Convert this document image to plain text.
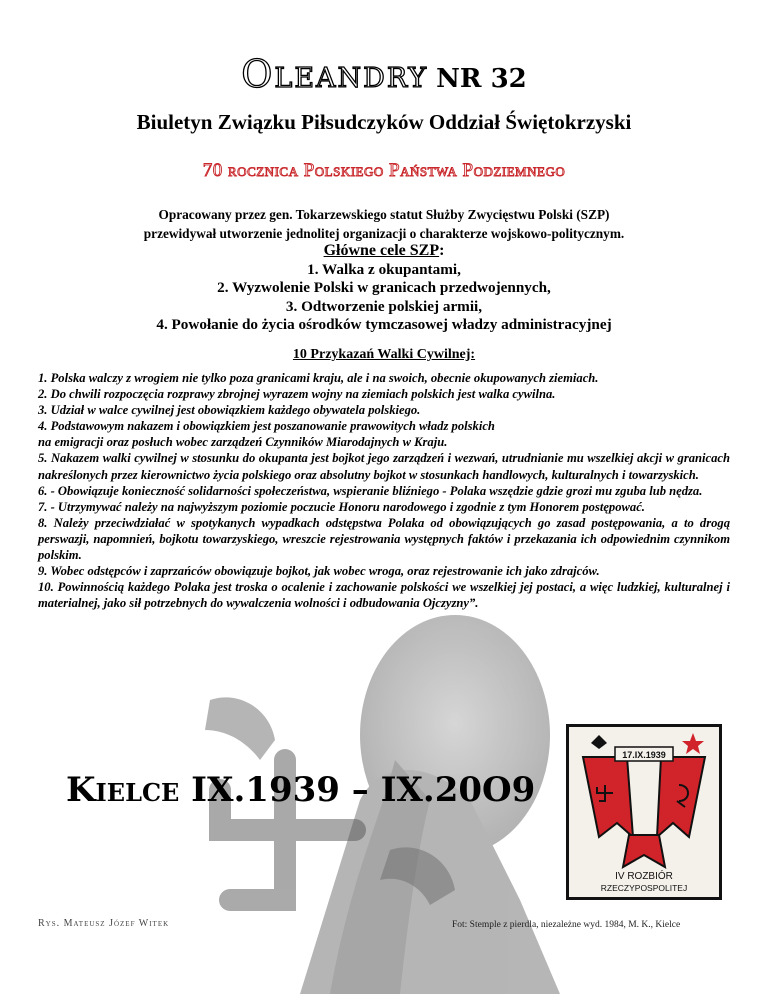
Oleandry NR 32
Biuletyn Związku Piłsudczyków Oddział Świętokrzyski
70 rocznica Polskiego Państwa Podziemnego
Opracowany przez gen. Tokarzewskiego statut Służby Zwycięstwu Polski (SZP)
przewidywał utworzenie jednolitej organizacji o charakterze wojskowo-politycznym.
Główne cele SZP:
1. Walka z okupantami,
2. Wyzwolenie Polski w granicach przedwojennych,
3. Odtworzenie polskiej armii,
4. Powołanie do życia ośrodków tymczasowej władzy administracyjnej
10 Przykazań Walki Cywilnej:

1. Polska walczy z wrogiem nie tylko poza granicami kraju, ale i na swoich, obecnie okupowanych ziemiach.

2. Do chwili rozpoczęcia rozprawy zbrojnej wyrazem wojny na ziemiach polskich jest walka cywilna.

3. Udział w walce cywilnej jest obowiązkiem każdego obywatela polskiego.

4. Podstawowym nakazem i obowiązkiem jest poszanowanie prawowitych władz polskich

na emigracji oraz posłuch wobec zarządzeń Czynników Miarodajnych w Kraju.

5. Nakazem walki cywilnej w stosunku do okupanta jest bojkot jego zarządzeń i wezwań, utrudnianie mu wszelkiej akcji w granicach nakreślonych przez kierownictwo życia polskiego oraz absolutny bojkot w stosunkach handlowych, kulturalnych i towarzyskich.

6. - Obowiązuje konieczność solidarności społeczeństwa, wspieranie bliźniego - Polaka wszędzie gdzie grozi mu zguba lub nędza.

7. - Utrzymywać należy na najwyższym poziomie poczucie Honoru narodowego i zgodnie z tym Honorem postępować.

8. Należy przeciwdziałać w spotykanych wypadkach odstępstwa Polaka od obowiązujących go zasad postępowania, a to drogą perswazji, napomnień, bojkotu towarzyskiego, wreszcie rejestrowania występnych faktów i przekazania ich odpowiednim czynnikom polskim.

9. Wobec odstępców i zaprzańców obowiązuje bojkot, jak wobec wroga, oraz rejestrowanie ich jako zdrajców.

10. Powinnością każdego Polaka jest troska o ocalenie i zachowanie polskości we wszelkiej jej postaci, a więc ludzkiej, kulturalnej i materialnej, jako sił potrzebnych do wywalczenia wolności i odbudowania Ojczyzny”.

Kielce IX.1939 – IX.20O9
17.IX.1939
IV ROZBIÓR
RZECZYPOSPOLITEJ
Rys. Mateusz Józef Witek	Fot: Stemple z pierdla, niezależne wyd. 1984, M. K., Kielce
